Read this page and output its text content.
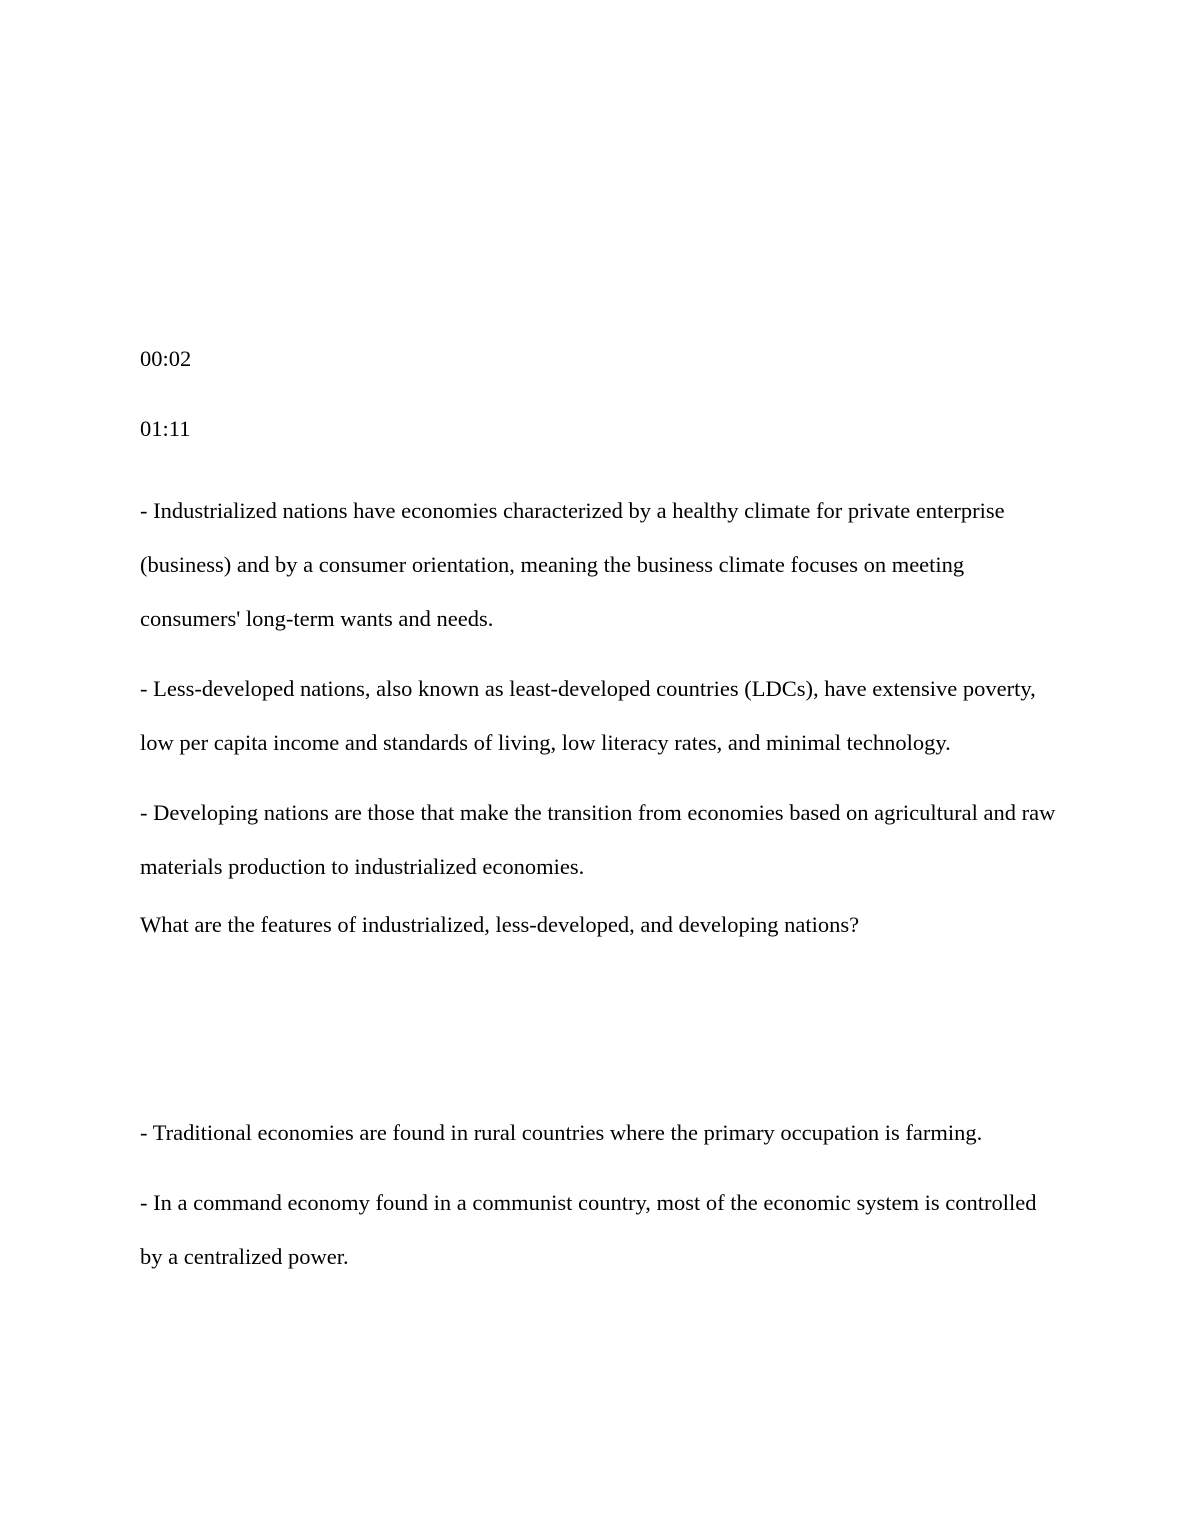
00:02

01:11

- Industrialized nations have economies characterized by a healthy climate for private enterprise (business) and by a consumer orientation, meaning the business climate focuses on meeting consumers' long-term wants and needs.

- Less-developed nations, also known as least-developed countries (LDCs), have extensive poverty, low per capita income and standards of living, low literacy rates, and minimal technology.

- Developing nations are those that make the transition from economies based on agricultural and raw materials production to industrialized economies.

What are the features of industrialized, less-developed, and developing nations?

- Traditional economies are found in rural countries where the primary occupation is farming.

- In a command economy found in a communist country, most of the economic system is controlled by a centralized power.
